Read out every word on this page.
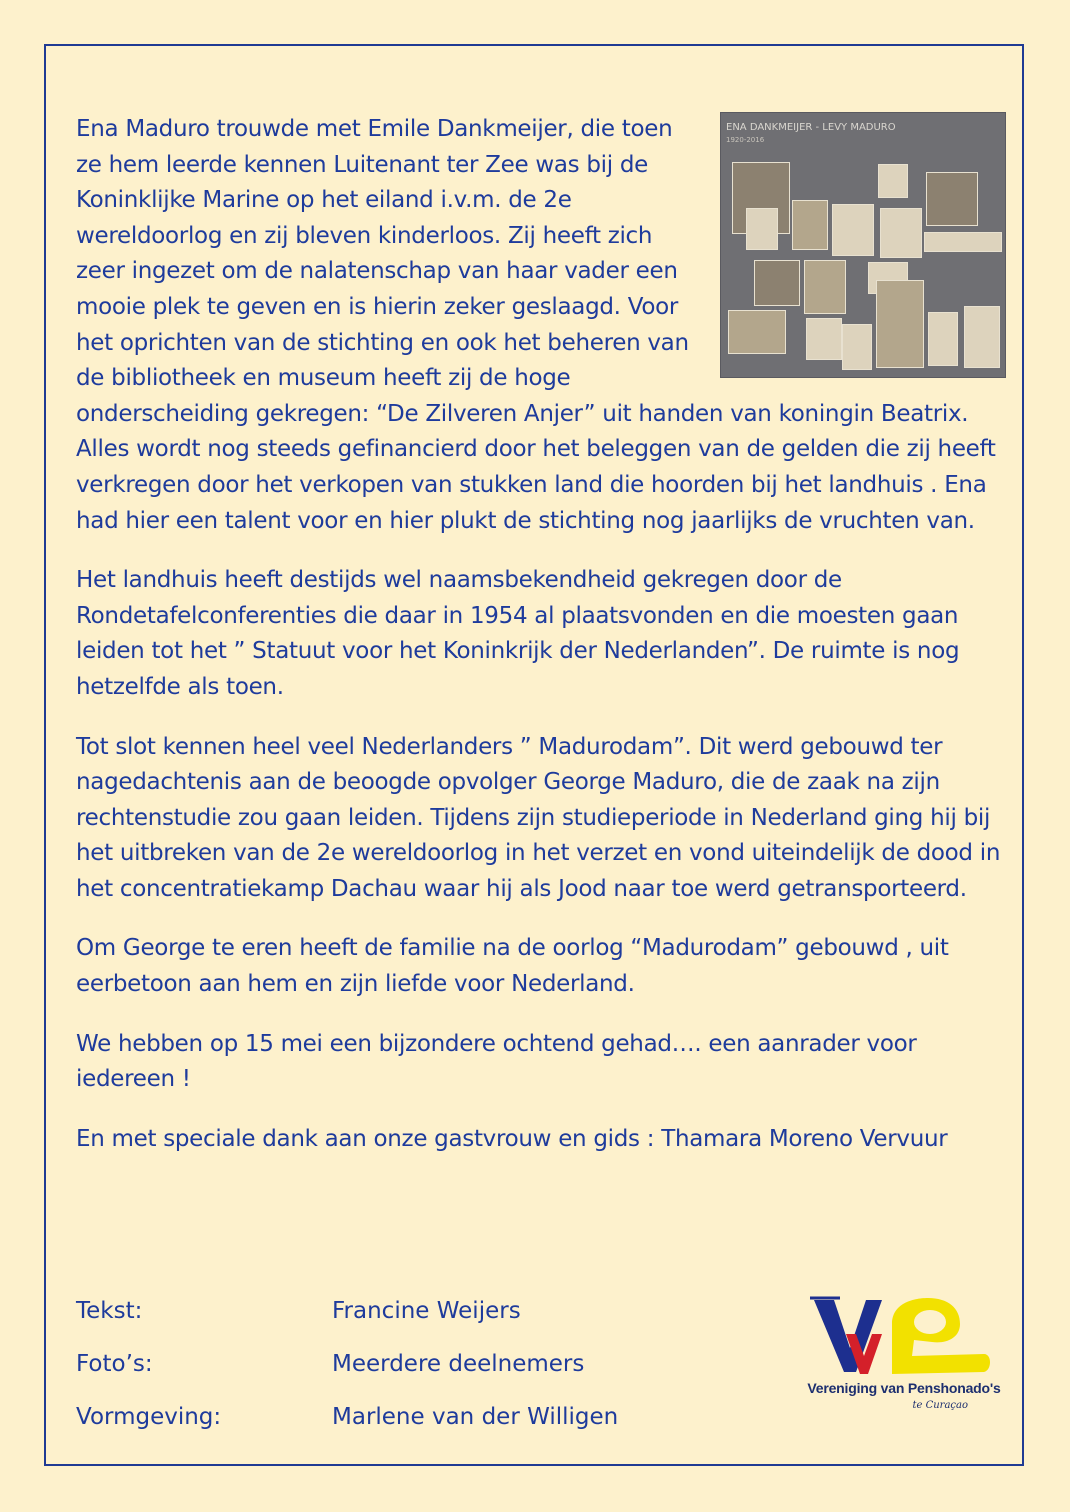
ENA DANKMEIJER - LEVY MADURO
1920-2016

Ena Maduro trouwde met Emile Dankmeijer, die toen ze hem leerde kennen Luitenant ter Zee was bij de Koninklijke Marine op het eiland i.v.m. de 2e wereldoorlog en zij bleven kinderloos. Zij heeft zich zeer ingezet om de nalatenschap van haar vader een mooie plek te geven en is hierin zeker geslaagd. Voor het oprichten van de stichting en ook het beheren van de bibliotheek en museum heeft zij de hoge onderscheiding gekregen: “De Zilveren Anjer” uit handen van koningin Beatrix. Alles wordt nog steeds gefinancierd door het beleggen van de gelden die zij heeft verkregen door het verkopen van stukken land die hoorden bij het landhuis . Ena had hier een talent voor en hier plukt de stichting nog jaarlijks de vruchten van.

Het landhuis heeft destijds wel naamsbekendheid gekregen door de Rondetafelconferenties die daar in 1954 al plaatsvonden en die moesten gaan leiden tot het ” Statuut voor het Koninkrijk der Nederlanden”. De ruimte is nog hetzelfde als toen.

Tot slot kennen heel veel Nederlanders ” Madurodam”. Dit werd gebouwd ter nagedachtenis aan de beoogde opvolger George Maduro, die de zaak na zijn rechtenstudie zou gaan leiden. Tijdens zijn studieperiode in Nederland ging hij bij het uitbreken van de 2e wereldoorlog in het verzet en vond uiteindelijk de dood in het concentratiekamp Dachau waar hij als Jood naar toe werd getransporteerd.

Om George te eren heeft de familie na de oorlog “Madurodam” gebouwd , uit eerbetoon aan hem en zijn liefde voor Nederland.

We hebben op 15 mei een bijzondere ochtend gehad…. een aanrader voor iedereen !

En met speciale dank aan onze gastvrouw en gids : Thamara Moreno Vervuur

Tekst:	Francine Weijers
Foto’s:	Meerdere deelnemers
Vormgeving:	Marlene van der Willigen
Vereniging van Penshonado's
te Curaçao
